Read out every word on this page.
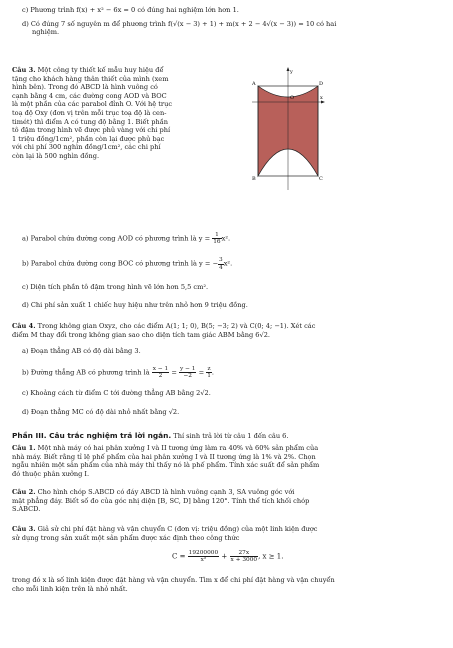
c) Phương trình f(x) + x² − 6x = 0 có đúng hai nghiệm lớn hơn 1.

d) Có đúng 7 số nguyên m để phương trình f(√(x − 3) + 1) + m(x + 2 − 4√(x − 3)) = 10 có hai

nghiệm.

Câu 3. Một công ty thiết kế mẫu huy hiệu để

tặng cho khách hàng thân thiết của mình (xem

hình bên). Trong đó ABCD là hình vuông có

cạnh bằng 4 cm, các đường cong AOD và BOC

là một phần của các parabol đỉnh O. Với hệ trục

toạ độ Oxy (đơn vị trên mỗi trục toạ độ là cen-

timét) thì điểm A có tung độ bằng 1. Biết phần

tô đậm trong hình vẽ được phủ vàng với chi phí

1 triệu đồng/1cm², phần còn lại được phủ bạc

với chi phí 300 nghìn đồng/1cm², các chi phí

còn lại là 500 nghìn đồng.

y
A	D
O	x
B	C

a) Parabol chứa đường cong AOD có phương trình là $y = \frac{1}{16} x^2$.

b) Parabol chứa đường cong BOC có phương trình là y = − $\frac{3}{4} x^2$.

c) Diện tích phần tô đậm trong hình vẽ lớn hơn 5,5 cm².

d) Chi phí sản xuất 1 chiếc huy hiệu như trên nhỏ hơn 9 triệu đồng.

Câu 4. Trong không gian Oxyz, cho các điểm A(1; 1; 0), B(5; −3; 2) và C(0; 4; −1). Xét các

điểm M thay đổi trong không gian sao cho diện tích tam giác ABM bằng 6√2.

a) Đoạn thẳng AB có độ dài bằng 3.

b) Đường thẳng AB có phương trình là $\frac{x - 1}{2} = \frac{y - 1}{-2} = \frac{z}{1}$ .

c) Khoảng cách từ điểm C tới đường thẳng AB bằng 2√2.

d) Đoạn thẳng MC có độ dài nhỏ nhất bằng √2.

Phần III. Câu trắc nghiệm trả lời ngắn. Thí sinh trả lời từ câu 1 đến câu 6.

Câu 1. Một nhà máy có hai phân xưởng I và II tương ứng làm ra 40% và 60% sản phẩm của

nhà máy. Biết rằng tỉ lệ phế phẩm của hai phân xưởng I và II tương ứng là 1% và 2%. Chọn

ngẫu nhiên một sản phẩm của nhà máy thì thấy nó là phế phẩm. Tính xác suất để sản phẩm

đó thuộc phân xưởng I.

Câu 2. Cho hình chóp S.ABCD có đáy ABCD là hình vuông cạnh 3, SA vuông góc với

mặt phẳng đáy. Biết số đo của góc nhị diện [B, SC, D] bằng 120°. Tính thể tích khối chóp

S.ABCD.

Câu 3. Giả sử chi phí đặt hàng và vận chuyển C (đơn vị: triệu đồng) của một linh kiện được

sử dụng trong sản xuất một sản phẩm được xác định theo công thức

$C = \frac{19200000}{\text{x²}} + \frac{27x}{x + 3000}$ , x ≥ 1.

trong đó x là số linh kiện được đặt hàng và vận chuyển. Tìm x để chi phí đặt hàng và vận chuyển

cho mỗi linh kiện trên là nhỏ nhất.
